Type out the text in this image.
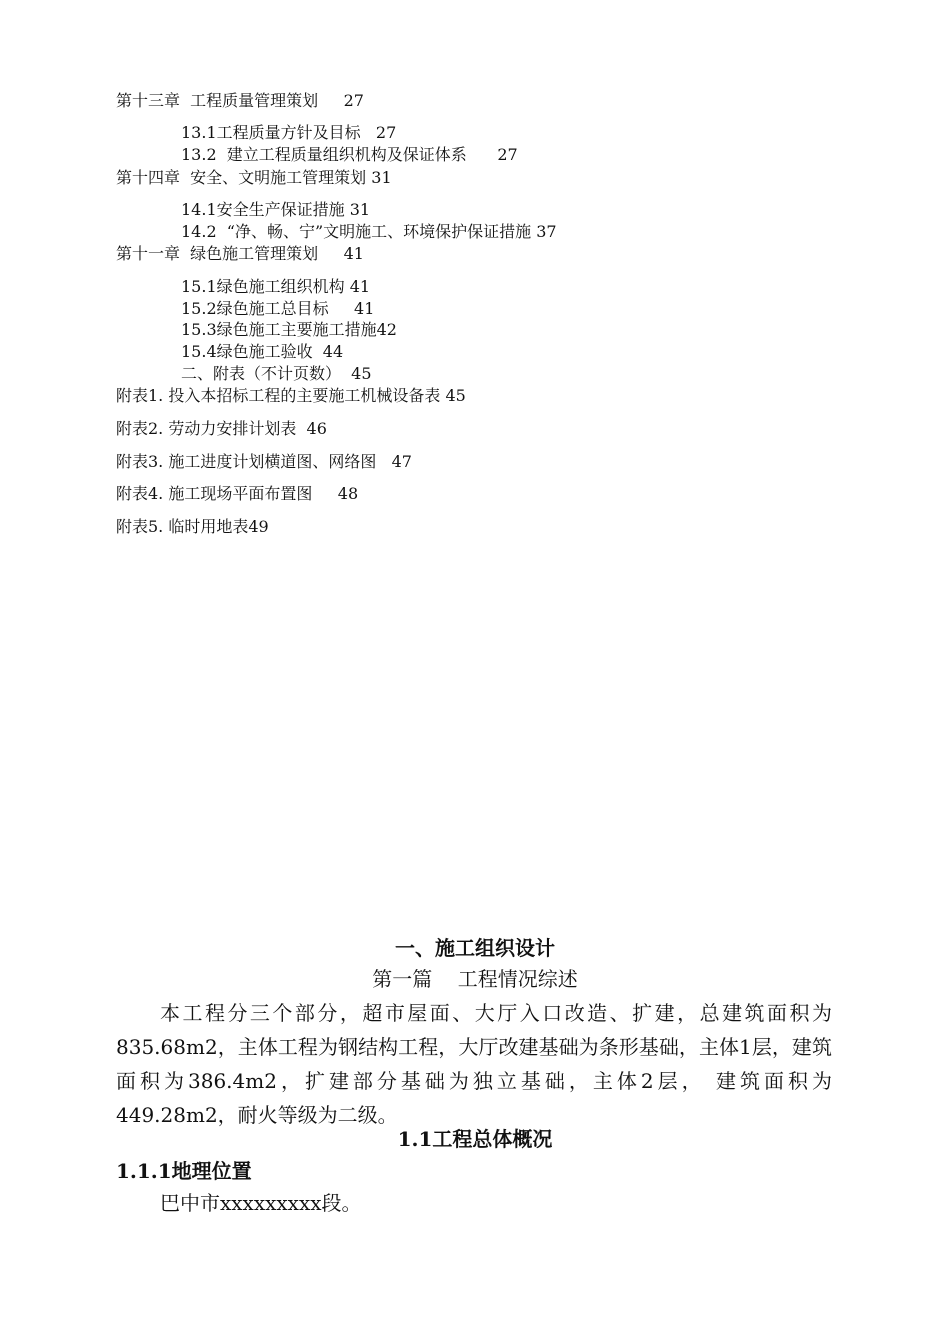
第十三章  工程质量管理策划     27
13.1工程质量方针及目标   27
13.2  建立工程质量组织机构及保证体系      27
第十四章  安全、文明施工管理策划 31
14.1安全生产保证措施 31
14.2  “净、畅、宁”文明施工、环境保护保证措施 37
第十一章  绿色施工管理策划     41
15.1绿色施工组织机构 41
15.2绿色施工总目标     41
15.3绿色施工主要施工措施42
15.4绿色施工验收  44
二、附表（不计页数）  45
附表1. 投入本招标工程的主要施工机械设备表 45
附表2. 劳动力安排计划表  46
附表3. 施工进度计划横道图、网络图   47
附表4. 施工现场平面布置图     48
附表5. 临时用地表49
一、施工组织设计
第一篇    工程情况综述
本工程分三个部分，超市屋面、大厅入口改造、扩建，总建筑面积为835.68m2，主体工程为钢结构工程，大厅改建基础为条形基础，主体1层，建筑面积为386.4m2，扩建部分基础为独立基础，主体2层， 建筑面积为449.28m2，耐火等级为二级。
1.1工程总体概况
1.1.1地理位置
巴中市xxxxxxxxx段。
